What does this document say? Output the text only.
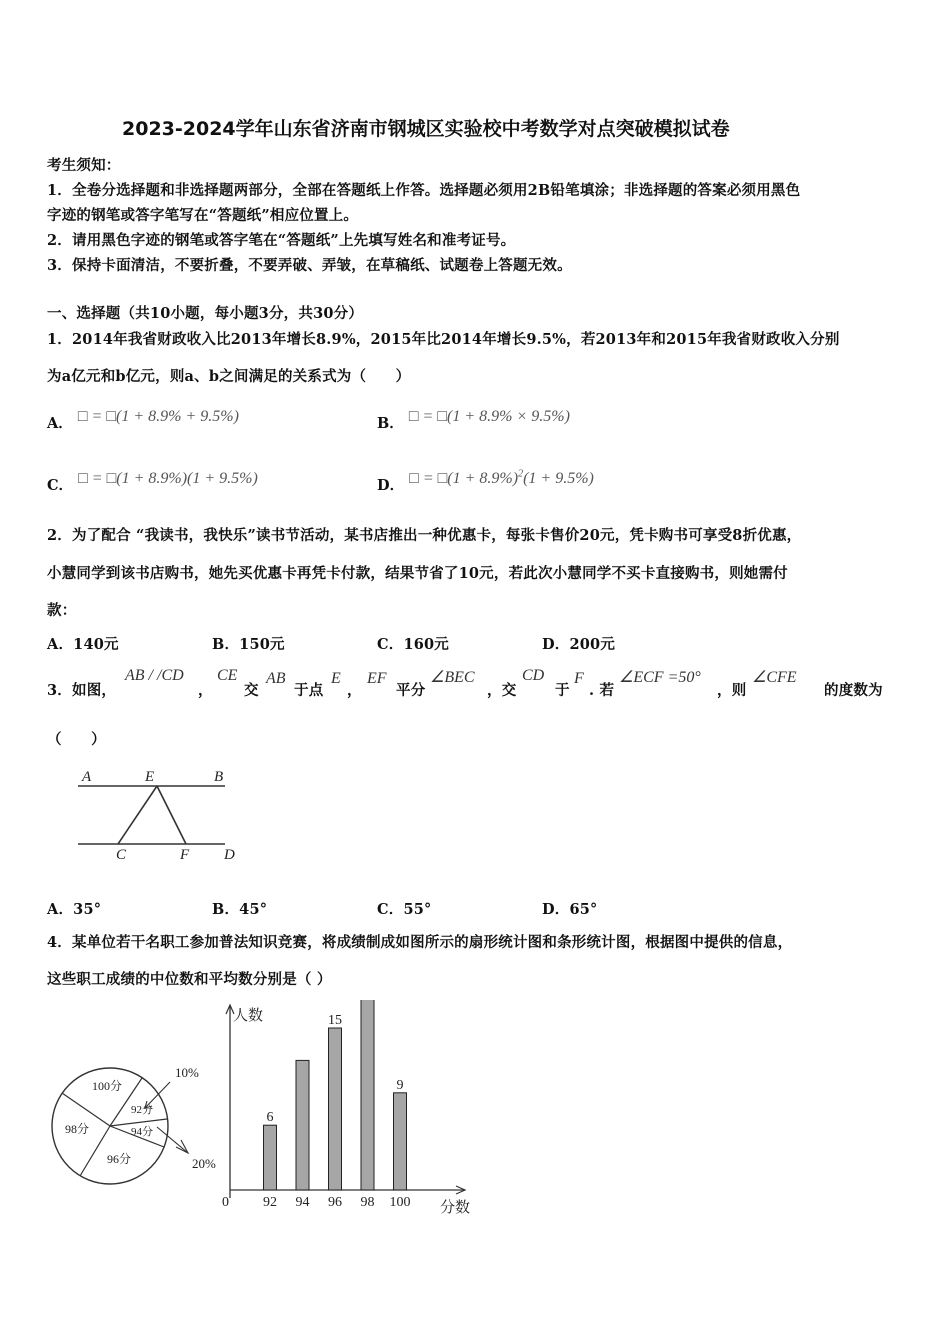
2023-2024学年山东省济南市钢城区实验校中考数学对点突破模拟试卷
考生须知：
1．全卷分选择题和非选择题两部分，全部在答题纸上作答。选择题必须用2B铅笔填涂；非选择题的答案必须用黑色
字迹的钢笔或答字笔写在“答题纸”相应位置上。
2．请用黑色字迹的钢笔或答字笔在“答题纸”上先填写姓名和准考证号。
3．保持卡面清洁，不要折叠，不要弄破、弄皱，在草稿纸、试题卷上答题无效。
一、选择题（共10小题，每小题3分，共30分）
1．2014年我省财政收入比2013年增长8.9%，2015年比2014年增长9.5%，若2013年和2015年我省财政收入分别
为a亿元和b亿元，则a、b之间满足的关系式为（　　）
A． □ = □(1 + 8.9% + 9.5%)	B． □ = □(1 + 8.9% × 9.5%)
C． □ = □(1 + 8.9%)(1 + 9.5%)	D． □ = □(1 + 8.9%)$^2$(1 + 9.5%)
2．为了配合 “我读书，我快乐”读书节活动，某书店推出一种优惠卡，每张卡售价20元，凭卡购书可享受8折优惠，
小慧同学到该书店购书，她先买优惠卡再凭卡付款，结果节省了10元，若此次小慧同学不买卡直接购书，则她需付
款：
A．140元	B．150元	C．160元	D．200元
3．如图，
AB / /CD
，
CE
交
AB
于点
E
，
EF
平分
∠BEC
，交
CD
于
F
. 若
∠ECF =50°
，则
∠CFE
的度数为
（　　）
A	E	B
C	F D
A．35°	B．45°	C．55°	D．65°
4．某单位若干名职工参加普法知识竞赛，将成绩制成如图所示的扇形统计图和条形统计图，根据图中提供的信息，
这些职工成绩的中位数和平均数分别是（ ）
100分
98分
96分
92分
94分
10%
20%
人数
分数
0 92
6
94 96
15
98 100
9
